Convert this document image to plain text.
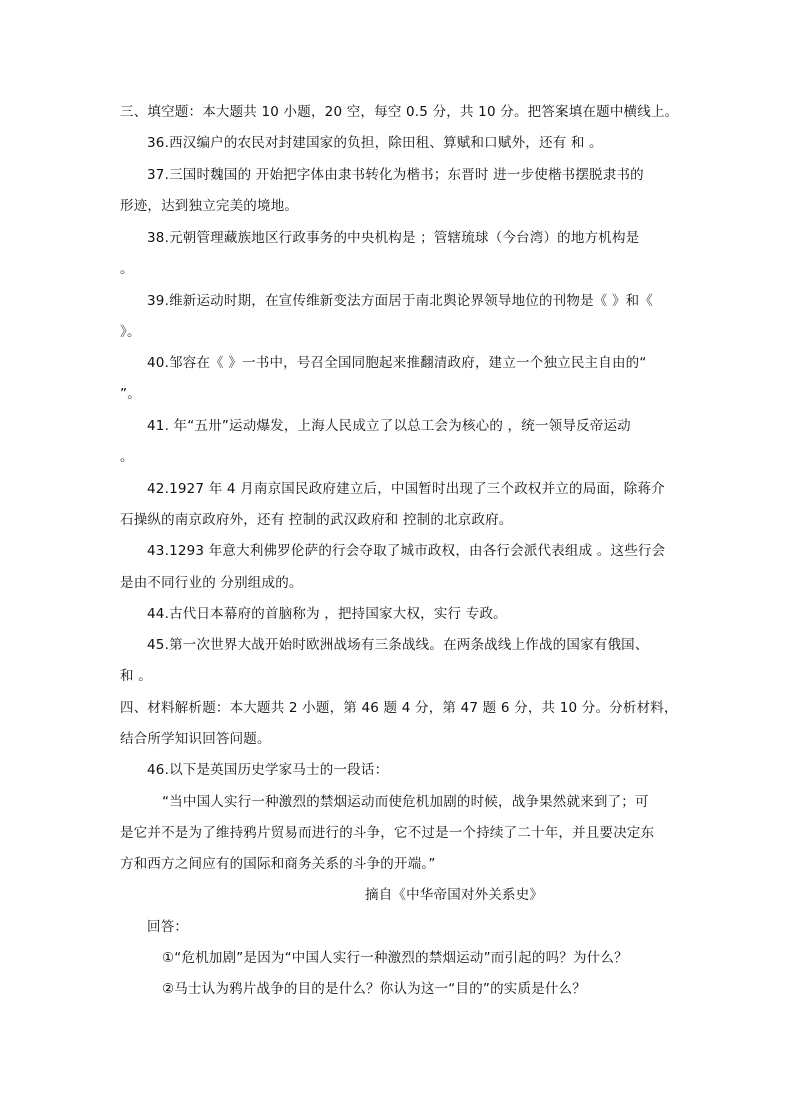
三、填空题：本大题共 10 小题，20 空，每空 0.5 分，共 10 分。把答案填在题中横线上。
36.西汉编户的农民对封建国家的负担，除田租、算赋和口赋外，还有 和 。
37.三国时魏国的 开始把字体由隶书转化为楷书；东晋时 进一步使楷书摆脱隶书的
形迹，达到独立完美的境地。
38.元朝管理藏族地区行政事务的中央机构是 ；管辖琉球（今台湾）的地方机构是
。
39.维新运动时期，在宣传维新变法方面居于南北舆论界领导地位的刊物是《 》和《
》。
40.邹容在《 》一书中，号召全国同胞起来推翻清政府，建立一个独立民主自由的“
”。
41. 年“五卅”运动爆发，上海人民成立了以总工会为核心的 ，统一领导反帝运动
。
42.1927 年 4 月南京国民政府建立后，中国暂时出现了三个政权并立的局面，除蒋介
石操纵的南京政府外，还有 控制的武汉政府和 控制的北京政府。
43.1293 年意大利佛罗伦萨的行会夺取了城市政权，由各行会派代表组成 。这些行会
是由不同行业的 分别组成的。
44.古代日本幕府的首脑称为 ，把持国家大权，实行 专政。
45.第一次世界大战开始时欧洲战场有三条战线。在两条战线上作战的国家有俄国、
和 。
四、材料解析题：本大题共 2 小题，第 46 题 4 分，第 47 题 6 分，共 10 分。分析材料，
结合所学知识回答问题。
46.以下是英国历史学家马士的一段话：
“当中国人实行一种激烈的禁烟运动而使危机加剧的时候，战争果然就来到了；可
是它并不是为了维持鸦片贸易而进行的斗争，它不过是一个持续了二十年，并且要决定东
方和西方之间应有的国际和商务关系的斗争的开端。”
摘自《中华帝国对外关系史》
回答：
①“危机加剧”是因为“中国人实行一种激烈的禁烟运动”而引起的吗？为什么？
②马士认为鸦片战争的目的是什么？你认为这一“目的”的实质是什么？
